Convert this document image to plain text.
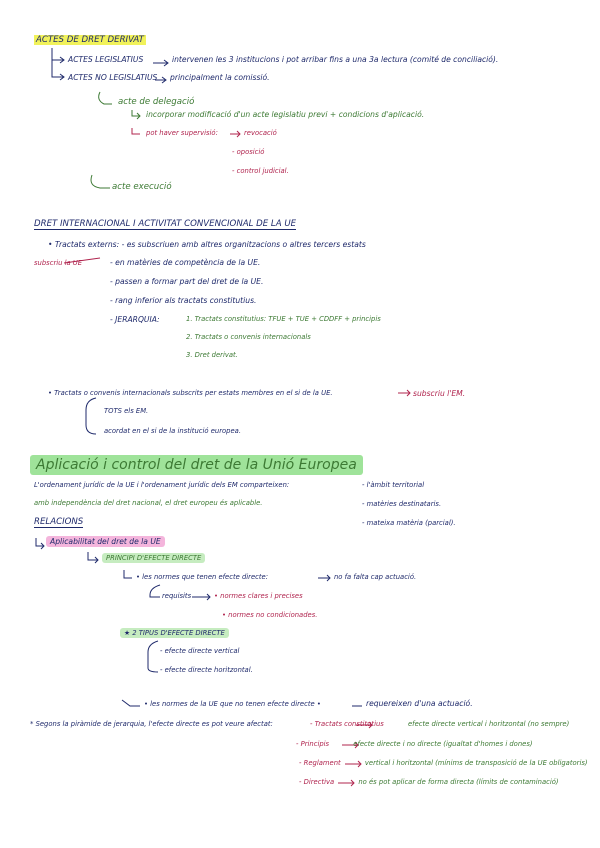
ACTES DE DRET DERIVAT
ACTES LEGISLATIUS	intervenen les 3 institucions i pot arribar fins a una 3a lectura (comité de conciliació).
ACTES NO LEGISLATIUS principalment la comissió.
acte de delegació
incorporar modificació d'un acte legislatiu previ + condicions d'aplicació.
pot haver supervisió:	revocació
- oposició
- control judicial.
acte execució
DRET INTERNACIONAL I ACTIVITAT CONVENCIONAL DE LA UE
• Tractats externs: - es subscriuen amb altres organitzacions o altres tercers estats
subscriu la UE	- en matèries de competència de la UE.
- passen a formar part del dret de la UE.
- rang inferior als tractats constitutius.
- JERARQUIA:	1. Tractats constitutius: TFUE + TUE + CDDFF + principis
2. Tractats o convenis internacionals
3. Dret derivat.
• Tractats o convenis internacionals subscrits per estats membres en el si de la UE.	subscriu l'EM.
TOTS els EM.
acordat en el si de la institució europea.
Aplicació i control del dret de la Unió Europea
L'ordenament jurídic de la UE i l'ordenament jurídic dels EM comparteixen:
amb independència del dret nacional, el dret europeu és aplicable.
- l'àmbit territorial
- matèries destinataris.
- mateixa matèria (parcial).
RELACIONS
Aplicabilitat del dret de la UE
PRINCIPI D'EFECTE DIRECTE
• les normes que tenen efecte directe:	no fa falta cap actuació.
requisits	• normes clares i precises
• normes no condicionades.
★ 2 TIPUS D'EFECTE DIRECTE
- efecte directe vertical
- efecte directe horitzontal.
• les normes de la UE que no tenen efecte directe •	requereixen d'una actuació.
* Segons la piràmide de jerarquia, l'efecte directe es pot veure afectat:	- Tractats constitutius	efecte directe vertical i horitzontal (no sempre)
- Principis	efecte directe i no directe (igualtat d'homes i dones)
- Reglament	vertical i horitzontal (mínims de transposició de la UE obligatoris)
- Directiva	no és pot aplicar de forma directa (límits de contaminació)
